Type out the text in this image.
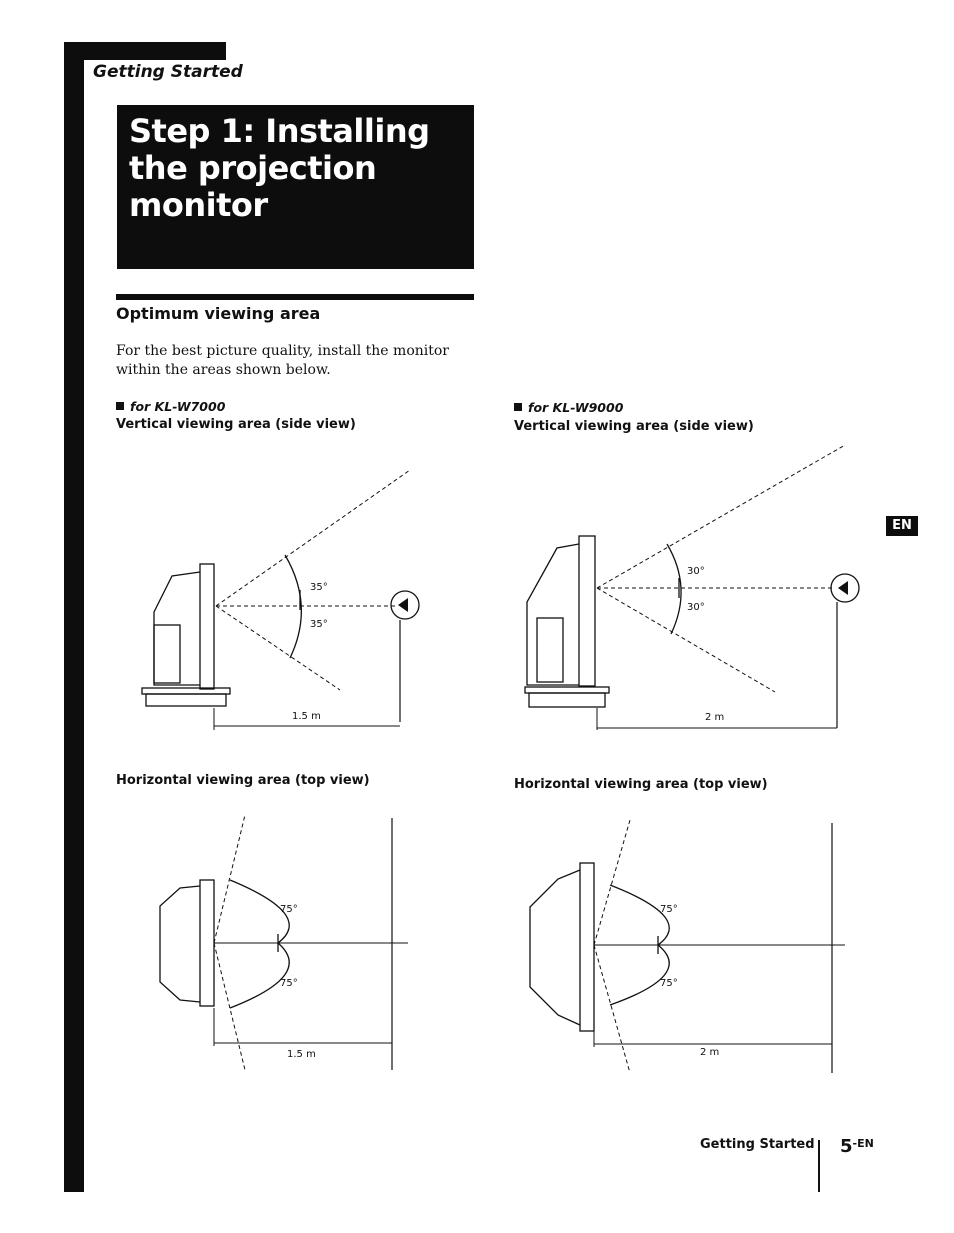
Getting Started
Step 1: Installing
the projection
monitor
Optimum viewing area
For the best picture quality, install the monitor within the areas shown below.
for KL-W7000
Vertical viewing area (side view)
for KL-W9000
Vertical viewing area (side view)
35°
35°
1.5 m
30°
30°
2 m
Horizontal viewing area (top view)	Horizontal viewing area (top view)
75°
75°
1.5 m
75°
75°
2 m
EN
Getting Started $5^{-EN}$
